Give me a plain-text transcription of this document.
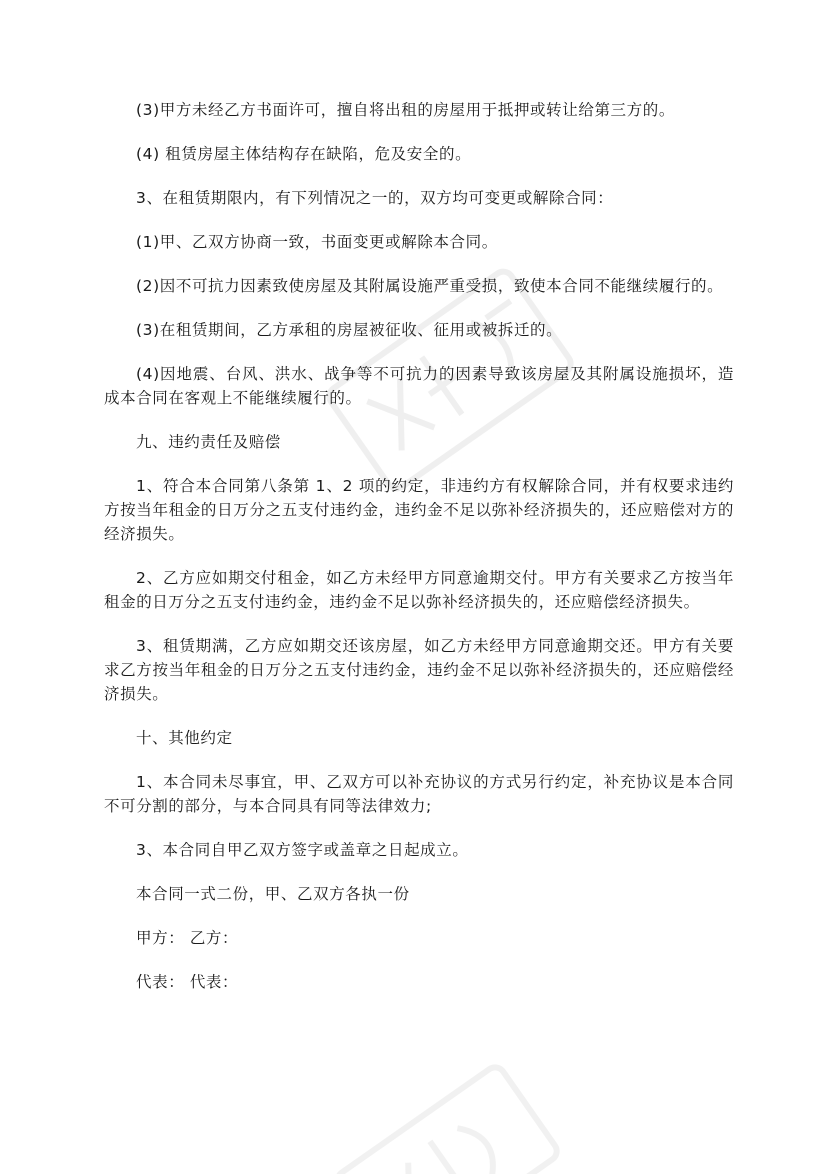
(3)甲方未经乙方书面许可，擅自将出租的房屋用于抵押或转让给第三方的。

(4) 租赁房屋主体结构存在缺陷，危及安全的。

3、在租赁期限内，有下列情况之一的，双方均可变更或解除合同：

(1)甲、乙双方协商一致，书面变更或解除本合同。

(2)因不可抗力因素致使房屋及其附属设施严重受损，致使本合同不能继续履行的。

(3)在租赁期间，乙方承租的房屋被征收、征用或被拆迁的。

(4)因地震、台风、洪水、战争等不可抗力的因素导致该房屋及其附属设施损坏，造成本合同在客观上不能继续履行的。

九、违约责任及赔偿

1、符合本合同第八条第 1、2 项的约定，非违约方有权解除合同，并有权要求违约方按当年租金的日万分之五支付违约金，违约金不足以弥补经济损失的，还应赔偿对方的经济损失。

2、乙方应如期交付租金，如乙方未经甲方同意逾期交付。甲方有关要求乙方按当年租金的日万分之五支付违约金，违约金不足以弥补经济损失的，还应赔偿经济损失。

3、租赁期满，乙方应如期交还该房屋，如乙方未经甲方同意逾期交还。甲方有关要求乙方按当年租金的日万分之五支付违约金，违约金不足以弥补经济损失的，还应赔偿经济损失。

十、其他约定

1、本合同未尽事宜，甲、乙双方可以补充协议的方式另行约定，补充协议是本合同不可分割的部分，与本合同具有同等法律效力;

3、本合同自甲乙双方签字或盖章之日起成立。

本合同一式二份，甲、乙双方各执一份

甲方： 乙方：

代表： 代表：
